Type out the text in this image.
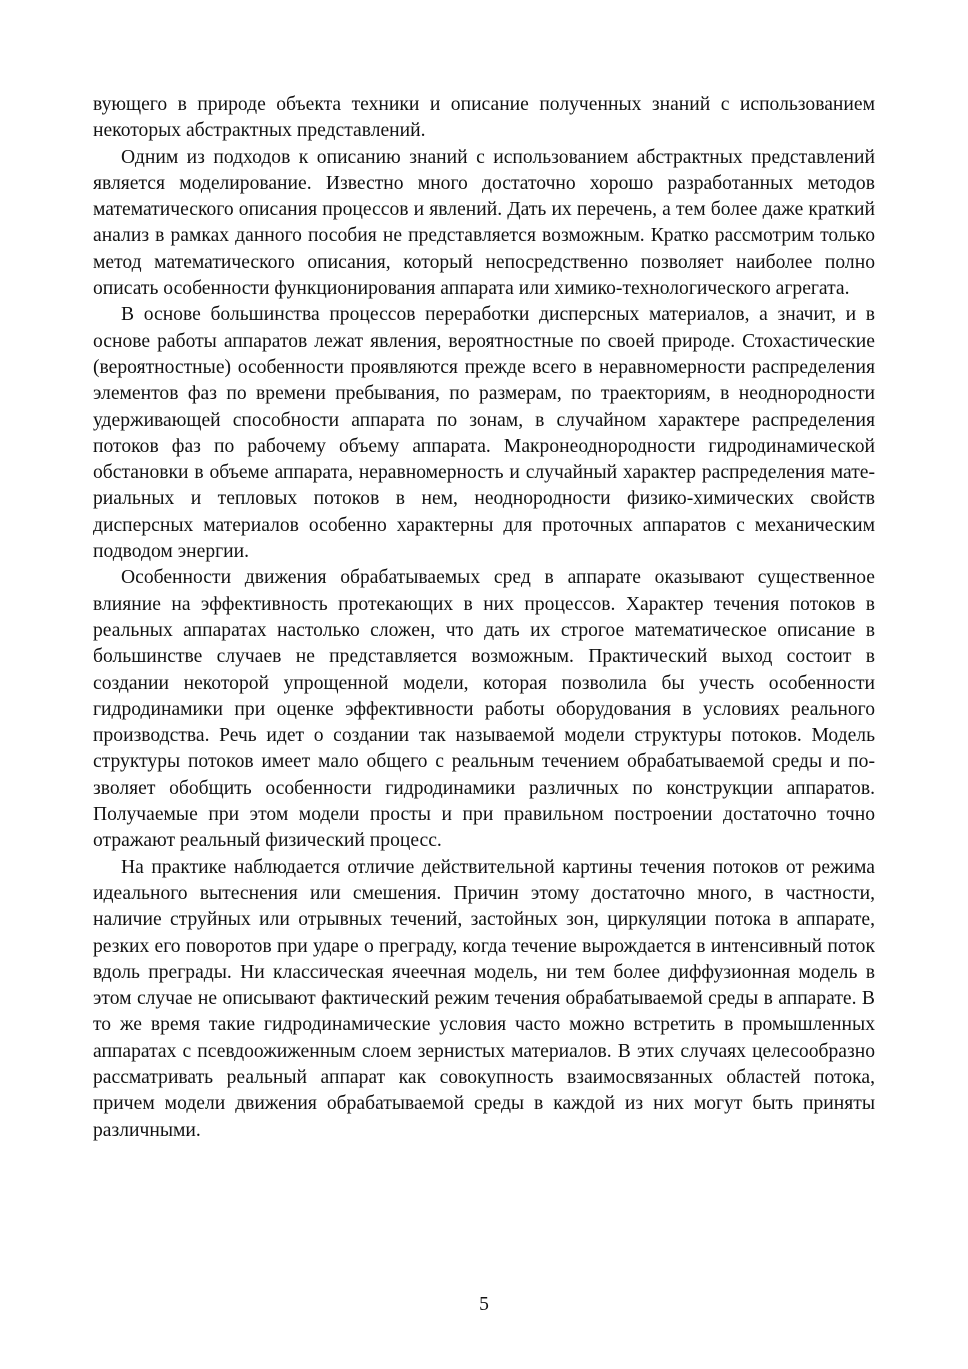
вующего в природе объекта техники и описание полученных знаний с использованием некоторых абстрактных представлений.

Одним из подходов к описанию знаний с использованием абстрактных представлений является моделирование. Известно много достаточно хорошо разработанных методов математического описания процессов и явлений. Дать их перечень, а тем более даже краткий анализ в рамках данного пособия не представляется возможным. Кратко рассмотрим только метод математического описания, который непосредственно позволяет наиболее полно описать особенности функционирования аппарата или химико-технологического агрегата.

В основе большинства процессов переработки дисперсных материалов, а значит, и в основе работы аппаратов лежат явления, вероятностные по своей природе. Стохастические (вероятностные) особенности проявляются прежде всего в неравномерности распределения элементов фаз по времени пребывания, по размерам, по траекториям, в неоднородности удерживающей способности аппарата по зонам, в случайном характере распределения потоков фаз по рабочему объему аппарата. Макронеоднородности гидродинамической обстановки в объеме аппарата, неравномерность и случайный характер распределения материальных и тепловых потоков в нем, неоднородности физико-химических свойств дисперсных материалов особенно характерны для проточных аппаратов с механическим подводом энергии.

Особенности движения обрабатываемых сред в аппарате оказывают существенное влияние на эффективность протекающих в них процессов. Характер течения потоков в реальных аппаратах настолько сложен, что дать их строгое математическое описание в большинстве случаев не представляется возможным. Практический выход состоит в создании некоторой упрощенной модели, которая позволила бы учесть особенности гидродинамики при оценке эффективности работы оборудования в условиях реального производства. Речь идет о создании так называемой модели структуры потоков. Модель структуры потоков имеет мало общего с реальным течением обрабатываемой среды и позволяет обобщить особенности гидродинамики различных по конструкции аппаратов. Получаемые при этом модели просты и при правильном построении достаточно точно отражают реальный физический процесс.

На практике наблюдается отличие действительной картины течения потоков от режима идеального вытеснения или смешения. Причин этому достаточно много, в частности, наличие струйных или отрывных течений, застойных зон, циркуляции потока в аппарате, резких его поворотов при ударе о преграду, когда течение вырождается в интенсивный поток вдоль преграды. Ни классическая ячеечная модель, ни тем более диффузионная модель в этом случае не описывают фактический режим течения обрабатываемой среды в аппарате. В то же время такие гидродинамические условия часто можно встретить в промышленных аппаратах с псевдоожиженным слоем зернистых материалов. В этих случаях целесообразно рассматривать реальный аппарат как совокупность взаимосвязанных областей потока, причем модели движения обрабатываемой среды в каждой из них могут быть приняты различными.

5
